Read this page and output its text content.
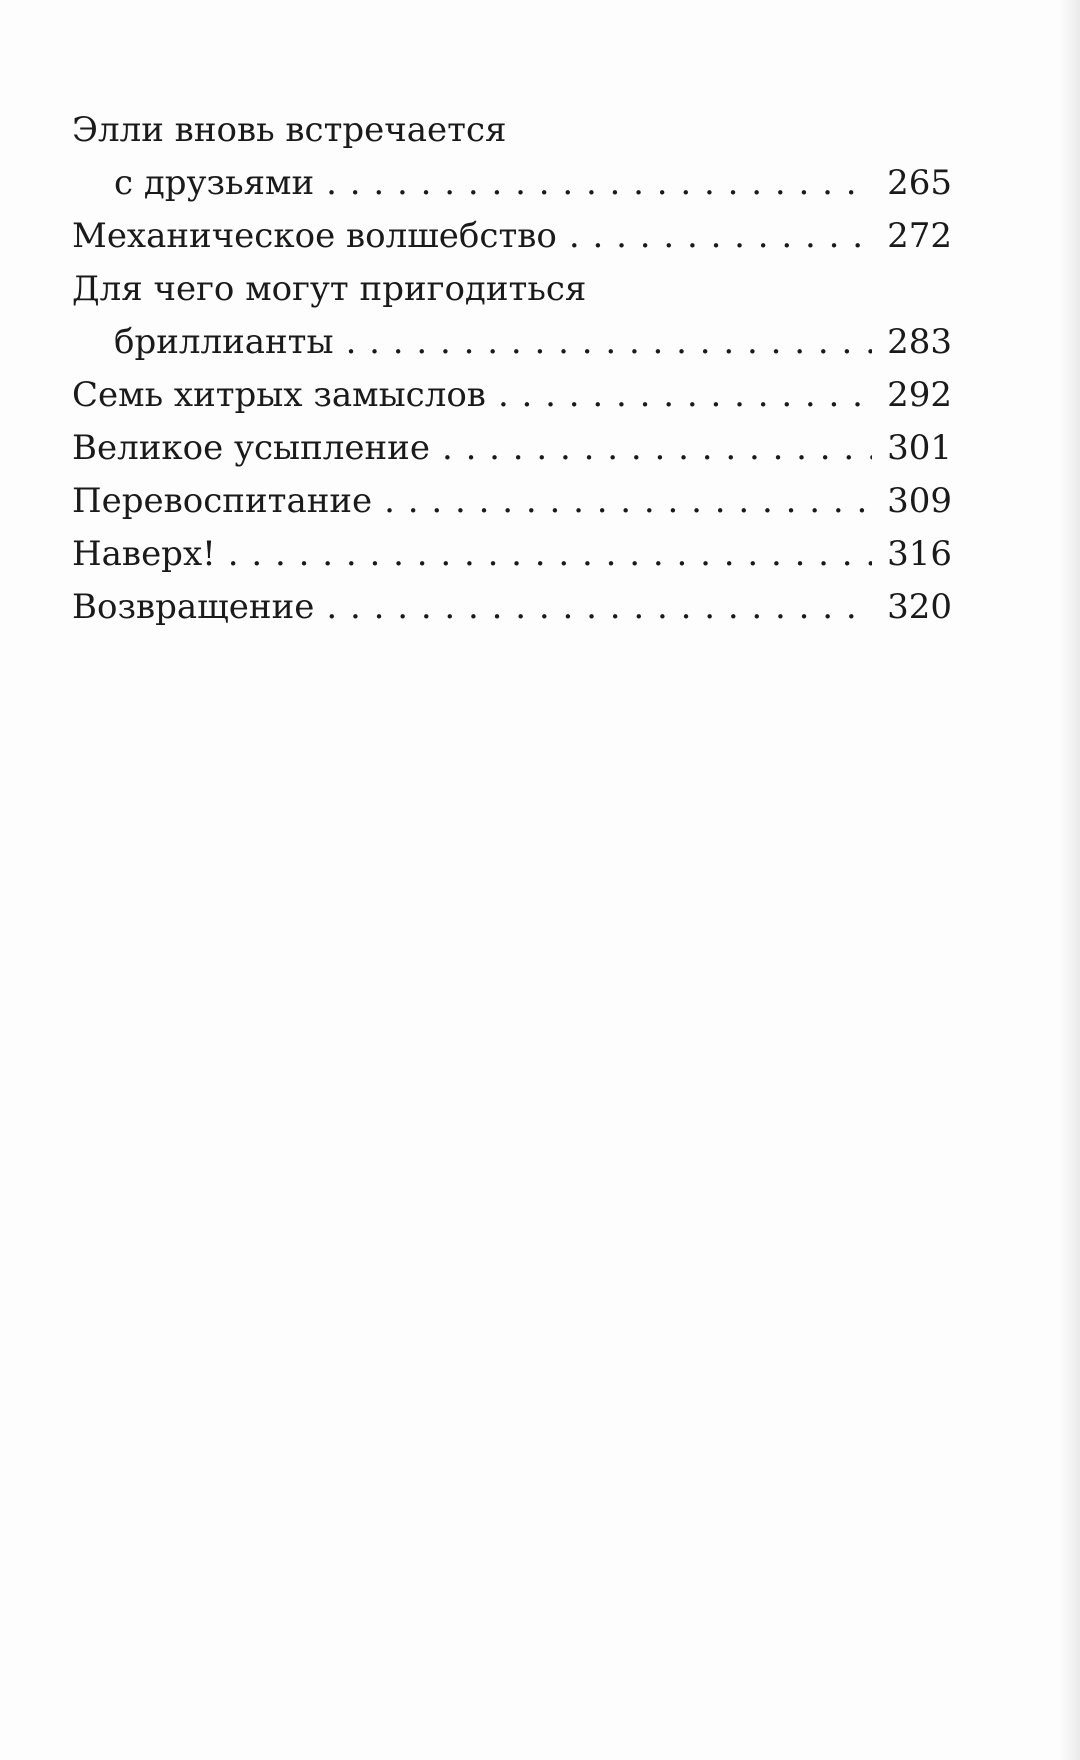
Элли вновь встречается
с друзьями . . .	265
Механическое волшебство . . .	272
Для чего могут пригодиться
бриллианты . . .	283
Семь хитрых замыслов . . .	292
Великое усыпление . . .	301
Перевоспитание . . .	309
Наверх! . . .	316
Возвращение . . .	320
